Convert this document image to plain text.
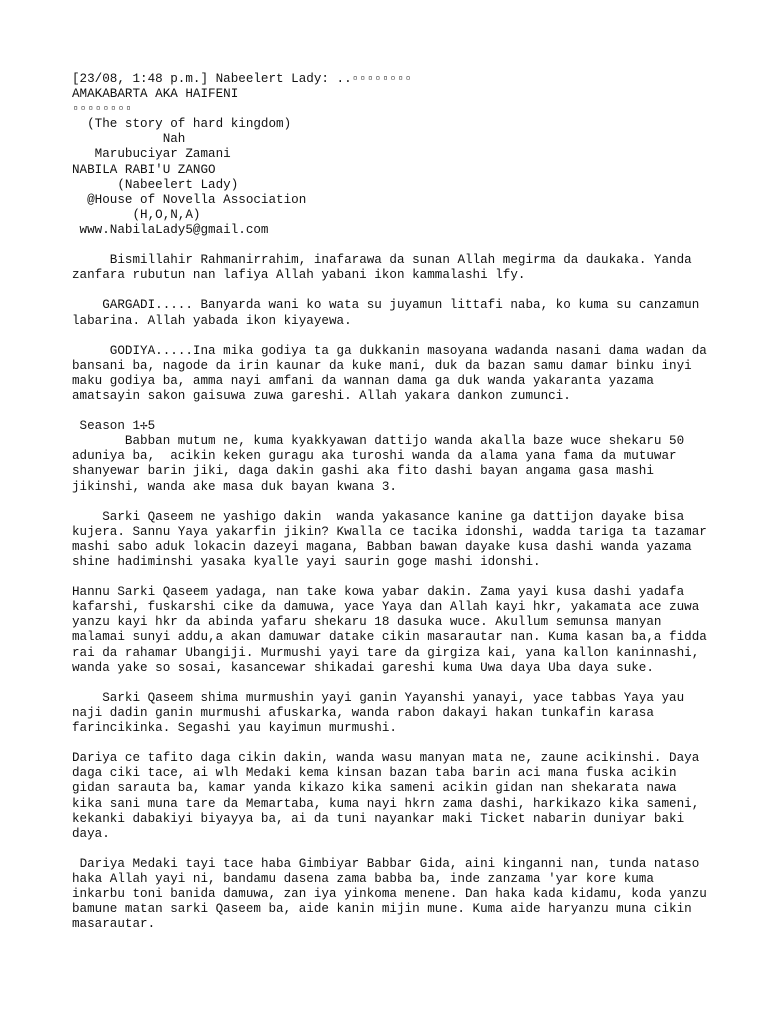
[23/08, 1:48 p.m.] Nabeelert Lady: ..▫▫▫▫▫▫▫▫
AMAKABARTA AKA HAIFENI
▫▫▫▫▫▫▫▫
(The story of hard kingdom)
Nah
Marubuciyar Zamani
NABILA RABI'U ZANGO
(Nabeelert Lady)
@House of Novella Association
(H,O,N,A)
www.NabilaLady5@gmail.com

Bismillahir Rahmanirrahim, inafarawa da sunan Allah megirma da daukaka. Yanda zanfara rubutun nan lafiya Allah yabani ikon kammalashi lfy.

GARGADI..... Banyarda wani ko wata su juyamun littafi naba, ko kuma su canzamun labarina. Allah yabada ikon kiyayewa.

GODIYA.....Ina mika godiya ta ga dukkanin masoyana wadanda nasani dama wadan da bansani ba, nagode da irin kaunar da kuke mani, duk da bazan samu damar binku inyi maku godiya ba, amma nayi amfani da wannan dama ga duk wanda yakaranta yazama amatsayin sakon gaisuwa zuwa gareshi. Allah yakara dankon zumunci.

Season 1✢5

Babban mutum ne, kuma kyakkyawan dattijo wanda akalla baze wuce shekaru 50 aduniya ba,  acikin keken guragu aka turoshi wanda da alama yana fama da mutuwar shanyewar barin jiki, daga dakin gashi aka fito dashi bayan angama gasa mashi jikinshi, wanda ake masa duk bayan kwana 3.

Sarki Qaseem ne yashigo dakin  wanda yakasance kanine ga dattijon dayake bisa kujera. Sannu Yaya yakarfin jikin? Kwalla ce tacika idonshi, wadda tariga ta tazamar mashi sabo aduk lokacin dazeyi magana, Babban bawan dayake kusa dashi wanda yazama shine hadiminshi yasaka kyalle yayi saurin goge mashi idonshi.

Hannu Sarki Qaseem yadaga, nan take kowa yabar dakin. Zama yayi kusa dashi yadafa kafarshi, fuskarshi cike da damuwa, yace Yaya dan Allah kayi hkr, yakamata ace zuwa yanzu kayi hkr da abinda yafaru shekaru 18 dasuka wuce. Akullum semunsa manyan malamai sunyi addu,a akan damuwar datake cikin masarautar nan. Kuma kasan ba,a fidda rai da rahamar Ubangiji. Murmushi yayi tare da girgiza kai, yana kallon kaninnashi, wanda yake so sosai, kasancewar shikadai gareshi kuma Uwa daya Uba daya suke.

Sarki Qaseem shima murmushin yayi ganin Yayanshi yanayi, yace tabbas Yaya yau naji dadin ganin murmushi afuskarka, wanda rabon dakayi hakan tunkafin karasa farincikinka. Segashi yau kayimun murmushi.

Dariya ce tafito daga cikin dakin, wanda wasu manyan mata ne, zaune acikinshi. Daya daga ciki tace, ai wlh Medaki kema kinsan bazan taba barin aci mana fuska acikin gidan sarauta ba, kamar yanda kikazo kika sameni acikin gidan nan shekarata nawa kika sani muna tare da Memartaba, kuma nayi hkrn zama dashi, harkikazo kika sameni, kekanki dabakiyi biyayya ba, ai da tuni nayankar maki Ticket nabarin duniyar baki daya.

Dariya Medaki tayi tace haba Gimbiyar Babbar Gida, aini kinganni nan, tunda nataso haka Allah yayi ni, bandamu dasena zama babba ba, inde zanzama 'yar kore kuma inkarbu toni banida damuwa, zan iya yinkoma menene. Dan haka kada kidamu, koda yanzu bamune matan sarki Qaseem ba, aide kanin mijin mune. Kuma aide haryanzu muna cikin masarautar.
